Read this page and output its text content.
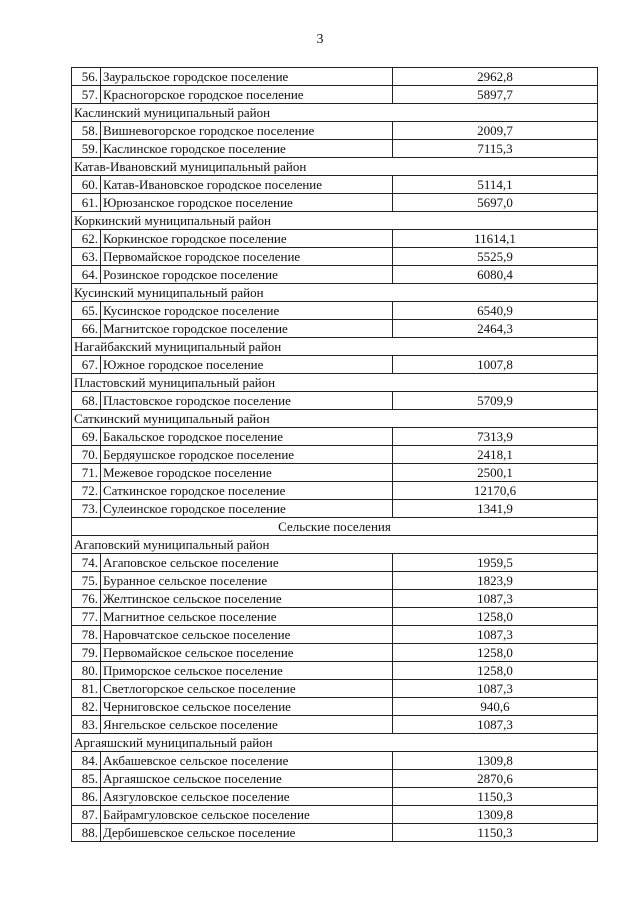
3
56.	Зауральское городское поселение	2962,8
57.	Красногорское городское поселение	5897,7
Каслинский муниципальный район		
58.	Вишневогорское городское поселение	2009,7
59.	Каслинское городское поселение	7115,3
Катав-Ивановский муниципальный район		
60.	Катав-Ивановское городское поселение	5114,1
61.	Юрюзанское городское поселение	5697,0
Коркинский муниципальный район		
62.	Коркинское городское поселение	11614,1
63.	Первомайское городское поселение	5525,9
64.	Розинское городское поселение	6080,4
Кусинский муниципальный район		
65.	Кусинское городское поселение	6540,9
66.	Магнитское городское поселение	2464,3
Нагайбакский муниципальный район		
67.	Южное городское поселение	1007,8
Пластовский муниципальный район		
68.	Пластовское городское поселение	5709,9
Саткинский муниципальный район		
69.	Бакальское городское поселение	7313,9
70.	Бердяушское городское поселение	2418,1
71.	Межевое городское поселение	2500,1
72.	Саткинское городское поселение	12170,6
73.	Сулеинское городское поселение	1341,9
Сельские поселения		
Агаповский муниципальный район		
74.	Агаповское сельское поселение	1959,5
75.	Буранное сельское поселение	1823,9
76.	Желтинское сельское поселение	1087,3
77.	Магнитное сельское поселение	1258,0
78.	Наровчатское сельское поселение	1087,3
79.	Первомайское сельское поселение	1258,0
80.	Приморское сельское поселение	1258,0
81.	Светлогорское сельское поселение	1087,3
82.	Черниговское сельское поселение	940,6
83.	Янгельское сельское поселение	1087,3
Аргаяшский муниципальный район		
84.	Акбашевское сельское поселение	1309,8
85.	Аргаяшское сельское поселение	2870,6
86.	Аязгуловское сельское поселение	1150,3
87.	Байрамгуловское сельское поселение	1309,8
88.	Дербишевское сельское поселение	1150,3
